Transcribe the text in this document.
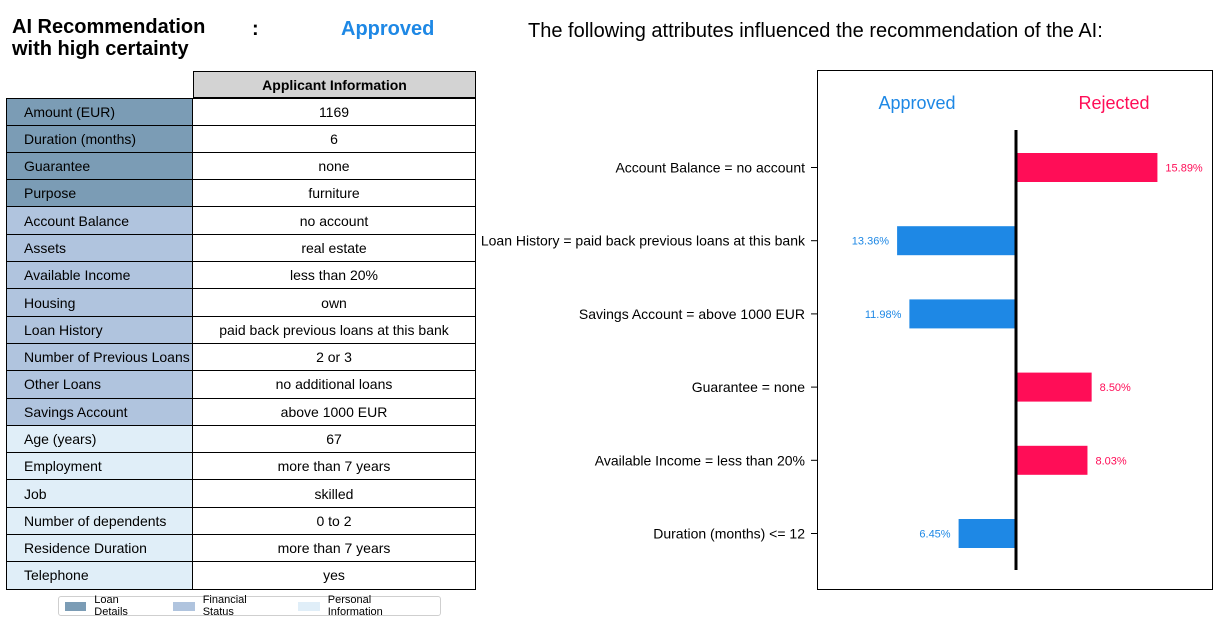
AI Recommendation with high certainty
:	Approved	The following attributes influenced the recommendation of the AI:
Applicant Information
Amount (EUR)	1169
Duration (months)	6
Guarantee	none
Purpose	furniture
Account Balance	no account
Assets	real estate
Available Income	less than 20%
Housing	own
Loan History	paid back previous loans at this bank
Number of Previous Loans	2 or 3
Other Loans	no additional loans
Savings Account	above 1000 EUR
Age (years)	67
Employment	more than 7 years
Job	skilled
Number of dependents	0 to 2
Residence Duration	more than 7 years
Telephone	yes
Loan Details
Financial Status
Personal Information
Approved	Rejected
15.89%
Account Balance = no account
13.36%
Loan History = paid back previous loans at this bank
11.98%
Savings Account = above 1000 EUR
8.50%
Guarantee = none
8.03%
Available Income = less than 20%
6.45%
Duration (months) <= 12
